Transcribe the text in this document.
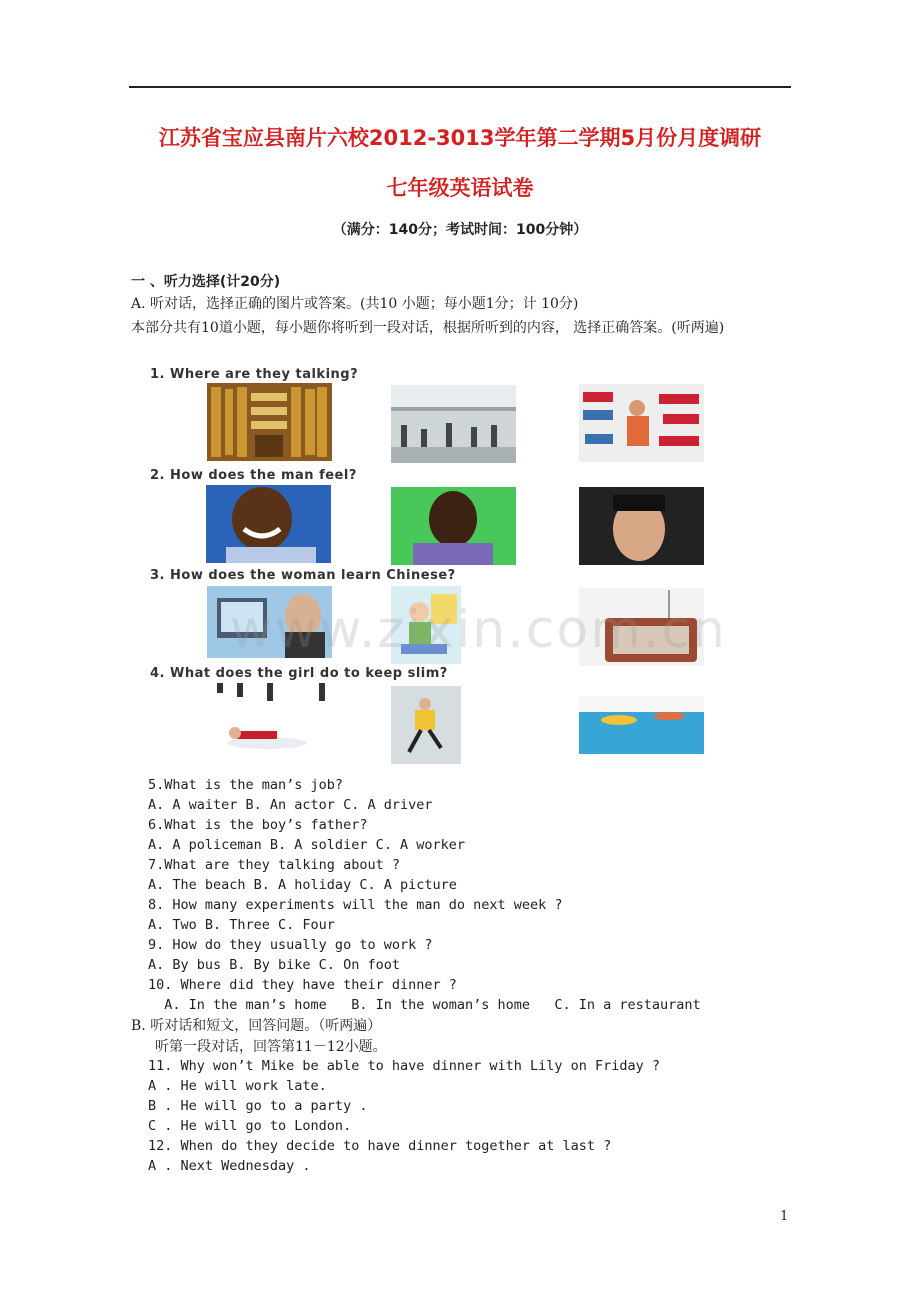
江苏省宝应县南片六校2012-3013学年第二学期5月份月度调研
七年级英语试卷
（满分：140分；考试时间：100分钟）
一 、听力选择(计20分)
A. 听对话，选择正确的图片或答案。(共10 小题；每小题1分；计 10分)
本部分共有10道小题，每小题你将听到一段对话，根据所听到的内容， 选择正确答案。(听两遍)
1. Where are they talking?
2. How does the man feel?
3. How does the woman learn Chinese?
4. What does the girl do to keep slim?
www.zixin.com.cn
5.What is the man’s job?
A. A waiter B. An actor C. A driver
6.What is the boy’s father?
A. A policeman B. A soldier C. A worker
7.What are they talking about ?
A. The beach B. A holiday C. A picture
8. How many experiments will the man do next week ?
A. Two B. Three C. Four
9. How do they usually go to work ?
A. By bus B. By bike C. On foot
10. Where did they have their dinner ?
A. In the man’s home   B. In the woman’s home   C. In a restaurant
B. 听对话和短文，回答问题。（听两遍）
听第一段对话，回答第11－12小题。
11. Why won’t Mike be able to have dinner with Lily on Friday ?
A . He will work late.
B . He will go to a party .
C . He will go to London.
12. When do they decide to have dinner together at last ?
A . Next Wednesday .
1
